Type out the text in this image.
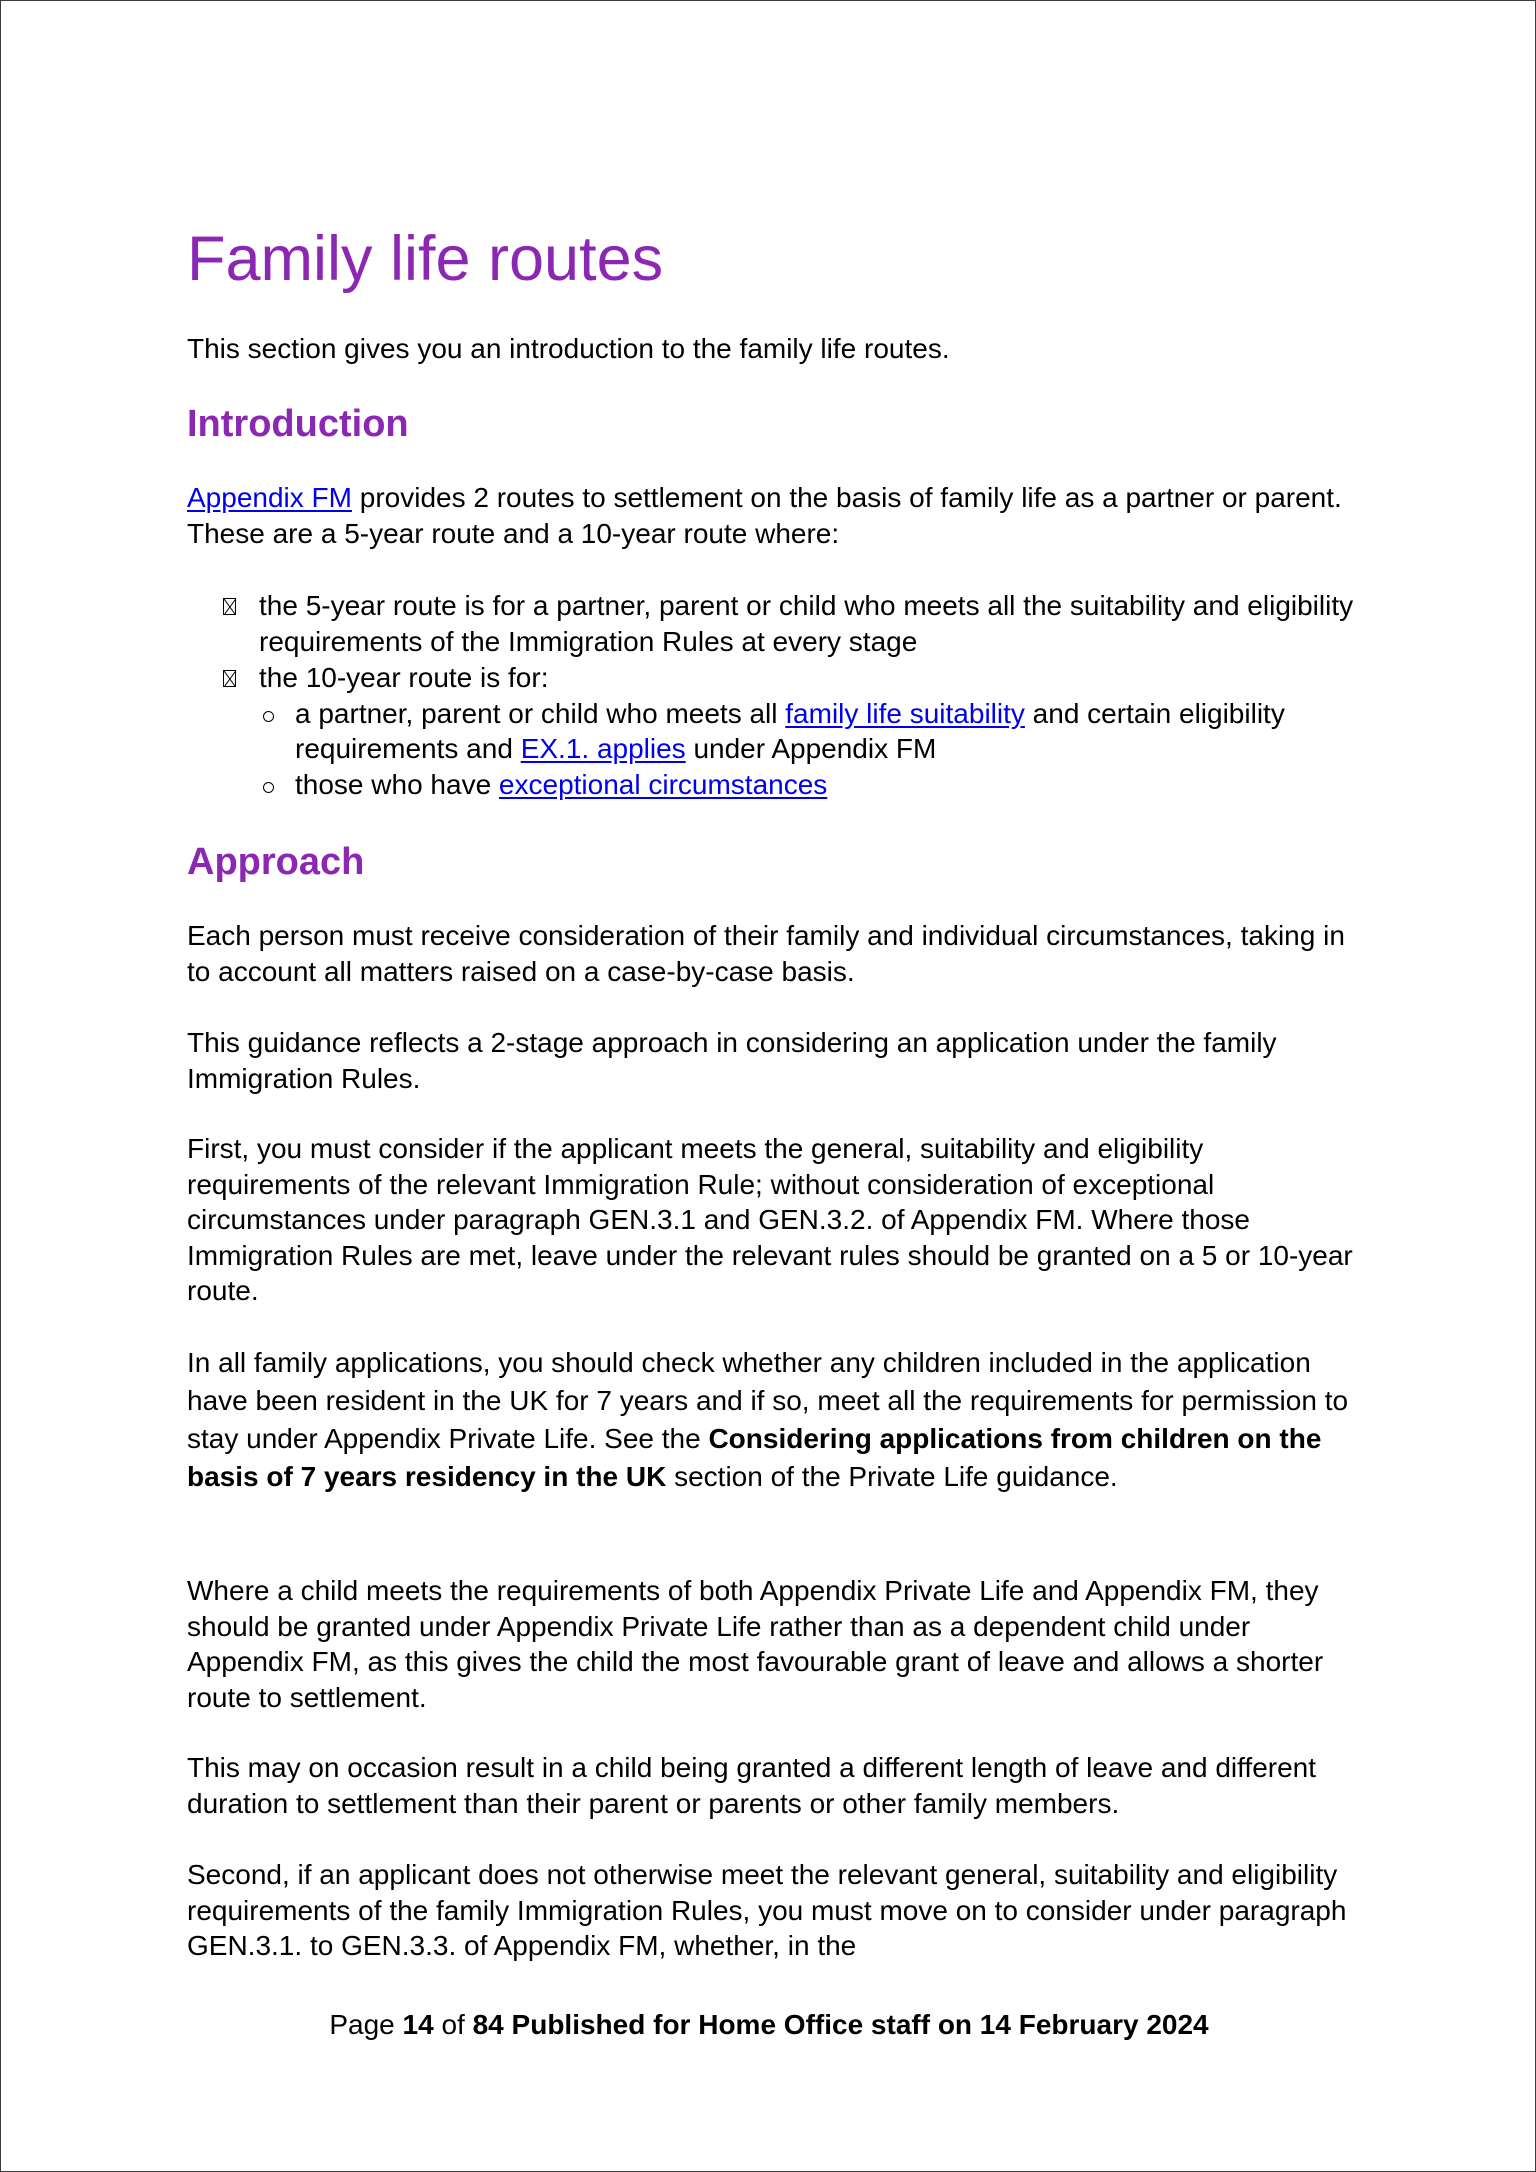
Family life routes

This section gives you an introduction to the family life routes.

Introduction

Appendix FM provides 2 routes to settlement on the basis of family life as a partner or parent. These are a 5-year route and a 10-year route where:

the 5-year route is for a partner, parent or child who meets all the suitability and eligibility requirements of the Immigration Rules at every stage
the 10-year route is for:
a partner, parent or child who meets all family life suitability and certain eligibility requirements and EX.1. applies under Appendix FM
those who have exceptional circumstances
Approach

Each person must receive consideration of their family and individual circumstances, taking in to account all matters raised on a case-by-case basis.

This guidance reflects a 2-stage approach in considering an application under the family Immigration Rules.

First, you must consider if the applicant meets the general, suitability and eligibility requirements of the relevant Immigration Rule; without consideration of exceptional circumstances under paragraph GEN.3.1 and GEN.3.2. of Appendix FM. Where those Immigration Rules are met, leave under the relevant rules should be granted on a 5 or 10-year route.

In all family applications, you should check whether any children included in the application have been resident in the UK for 7 years and if so, meet all the requirements for permission to stay under Appendix Private Life. See the Considering applications from children on the basis of 7 years residency in the UK section of the Private Life guidance.

Where a child meets the requirements of both Appendix Private Life and Appendix FM, they should be granted under Appendix Private Life rather than as a dependent child under Appendix FM, as this gives the child the most favourable grant of leave and allows a shorter route to settlement.

This may on occasion result in a child being granted a different length of leave and different duration to settlement than their parent or parents or other family members.

Second, if an applicant does not otherwise meet the relevant general, suitability and eligibility requirements of the family Immigration Rules, you must move on to consider under paragraph GEN.3.1. to GEN.3.3. of Appendix FM, whether, in the

Page 14 of 84 Published for Home Office staff on 14 February 2024
